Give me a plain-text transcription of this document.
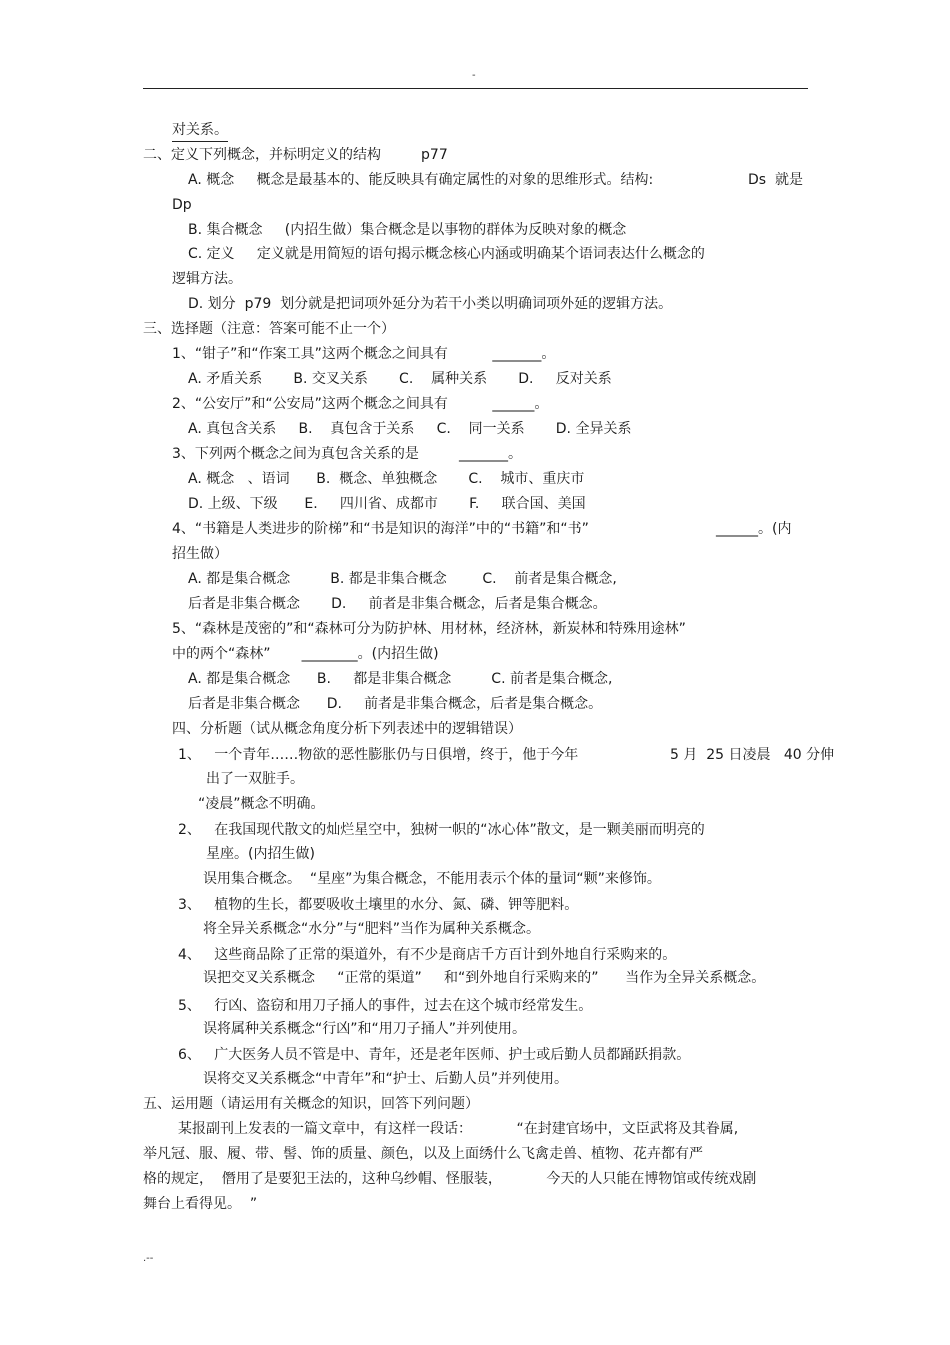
-
对关系。
二、定义下列概念，并标明定义的结构         p77
A. 概念     概念是最基本的、能反映具有确定属性的对象的思维形式。结构:	Ds  就是
Dp
B. 集合概念     (内招生做）集合概念是以事物的群体为反映对象的概念
C. 定义     定义就是用简短的语句揭示概念核心内涵或明确某个语词表达什么概念的
逻辑方法。
D. 划分  p79  划分就是把词项外延分为若干小类以明确词项外延的逻辑方法。
三、选择题（注意：答案可能不止一个）
1、“钳子”和“作案工具”这两个概念之间具有          _______。
A. 矛盾关系       B. 交叉关系       C.    属种关系       D.     反对关系
2、“公安厅”和“公安局”这两个概念之间具有          ______。
A. 真包含关系     B.    真包含于关系     C.    同一关系       D. 全异关系
3、下列两个概念之间为真包含关系的是         _______。
A. 概念   、语词      B.  概念、单独概念       C.    城市、重庆市
D. 上级、下级      E.     四川省、成都市       F.     联合国、美国
4、“书籍是人类进步的阶梯”和“书是知识的海洋”中的“书籍”和“书”	______。(内
招生做）
A. 都是集合概念         B. 都是非集合概念        C.    前者是集合概念,
后者是非集合概念       D.     前者是非集合概念，后者是集合概念。
5、“森林是茂密的”和“森林可分为防护林、用材林，经济林，新炭林和特殊用途林”
中的两个“森林”       ________。(内招生做)
A. 都是集合概念      B.     都是非集合概念         C. 前者是集合概念,
后者是非集合概念      D.     前者是非集合概念，后者是集合概念。
四、分析题（试从概念角度分析下列表述中的逻辑错误）
1、   一个青年……物欲的恶性膨胀仍与日俱增，终于，他于今年	5 月  25 日凌晨   40 分伸
出了一双脏手。
“凌晨”概念不明确。
2、   在我国现代散文的灿烂星空中，独树一帜的“冰心体”散文，是一颗美丽而明亮的
星座。(内招生做)
误用集合概念。  “星座”为集合概念，不能用表示个体的量词“颗”来修饰。
3、   植物的生长，都要吸收土壤里的水分、氮、磷、钾等肥料。
将全异关系概念“水分”与“肥料”当作为属种关系概念。
4、   这些商品除了正常的渠道外，有不少是商店千方百计到外地自行采购来的。
误把交叉关系概念     “正常的渠道”     和“到外地自行采购来的”      当作为全异关系概念。
5、   行凶、盗窃和用刀子捅人的事件，过去在这个城市经常发生。
误将属种关系概念“行凶”和“用刀子捅人”并列使用。
6、   广大医务人员不管是中、青年，还是老年医师、护士或后勤人员都踊跃捐款。
误将交叉关系概念“中青年”和“护士、后勤人员”并列使用。
五、运用题（请运用有关概念的知识，回答下列问题）
某报副刊上发表的一篇文章中，有这样一段话：          “在封建官场中，文臣武将及其眷属,
举凡冠、服、履、带、髻、饰的质量、颜色，以及上面绣什么飞禽走兽、植物、花卉都有严
格的规定，  僭用了是要犯王法的，这种乌纱帽、怪服装，          今天的人只能在博物馆或传统戏剧
舞台上看得见。  ”
.--
